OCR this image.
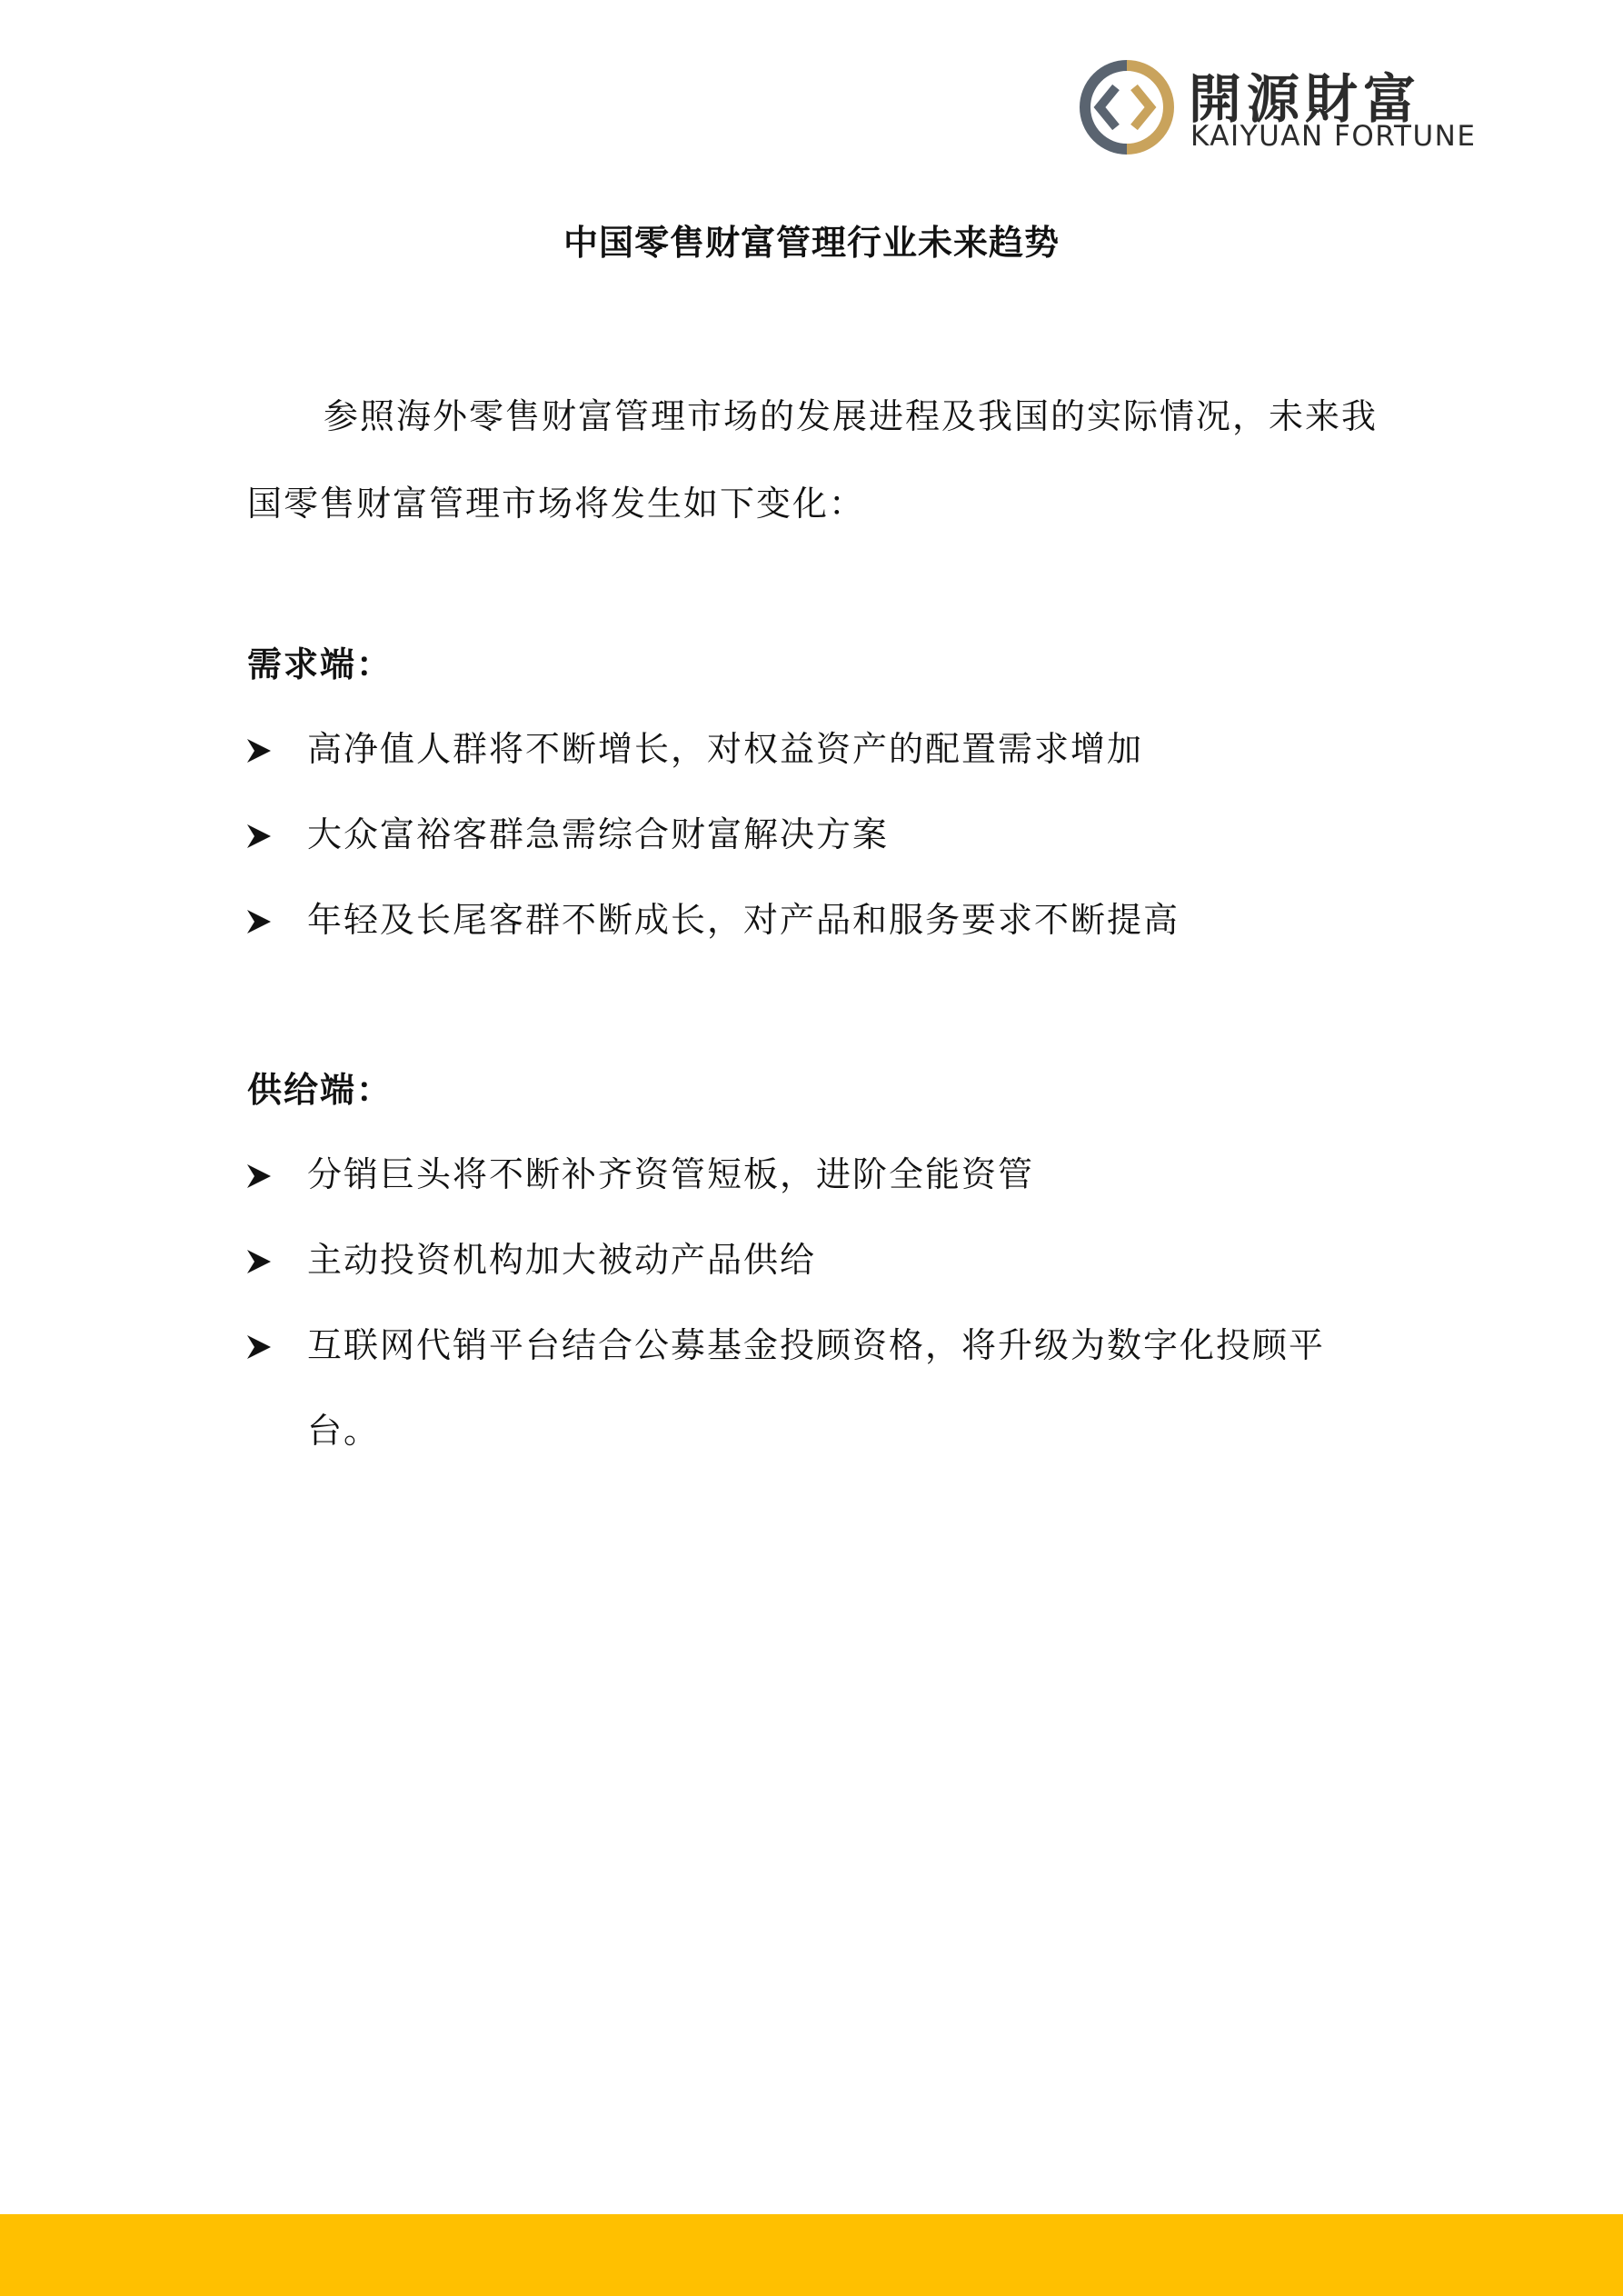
開源財富
KAIYUAN FORTUNE
中国零售财富管理行业未来趋势
参照海外零售财富管理市场的发展进程及我国的实际情况，未来我国零售财富管理市场将发生如下变化：
需求端：
高净值人群将不断增长，对权益资产的配置需求增加
大众富裕客群急需综合财富解决方案
年轻及长尾客群不断成长，对产品和服务要求不断提高
供给端：
分销巨头将不断补齐资管短板，进阶全能资管
主动投资机构加大被动产品供给
互联网代销平台结合公募基金投顾资格，将升级为数字化投顾平台。
